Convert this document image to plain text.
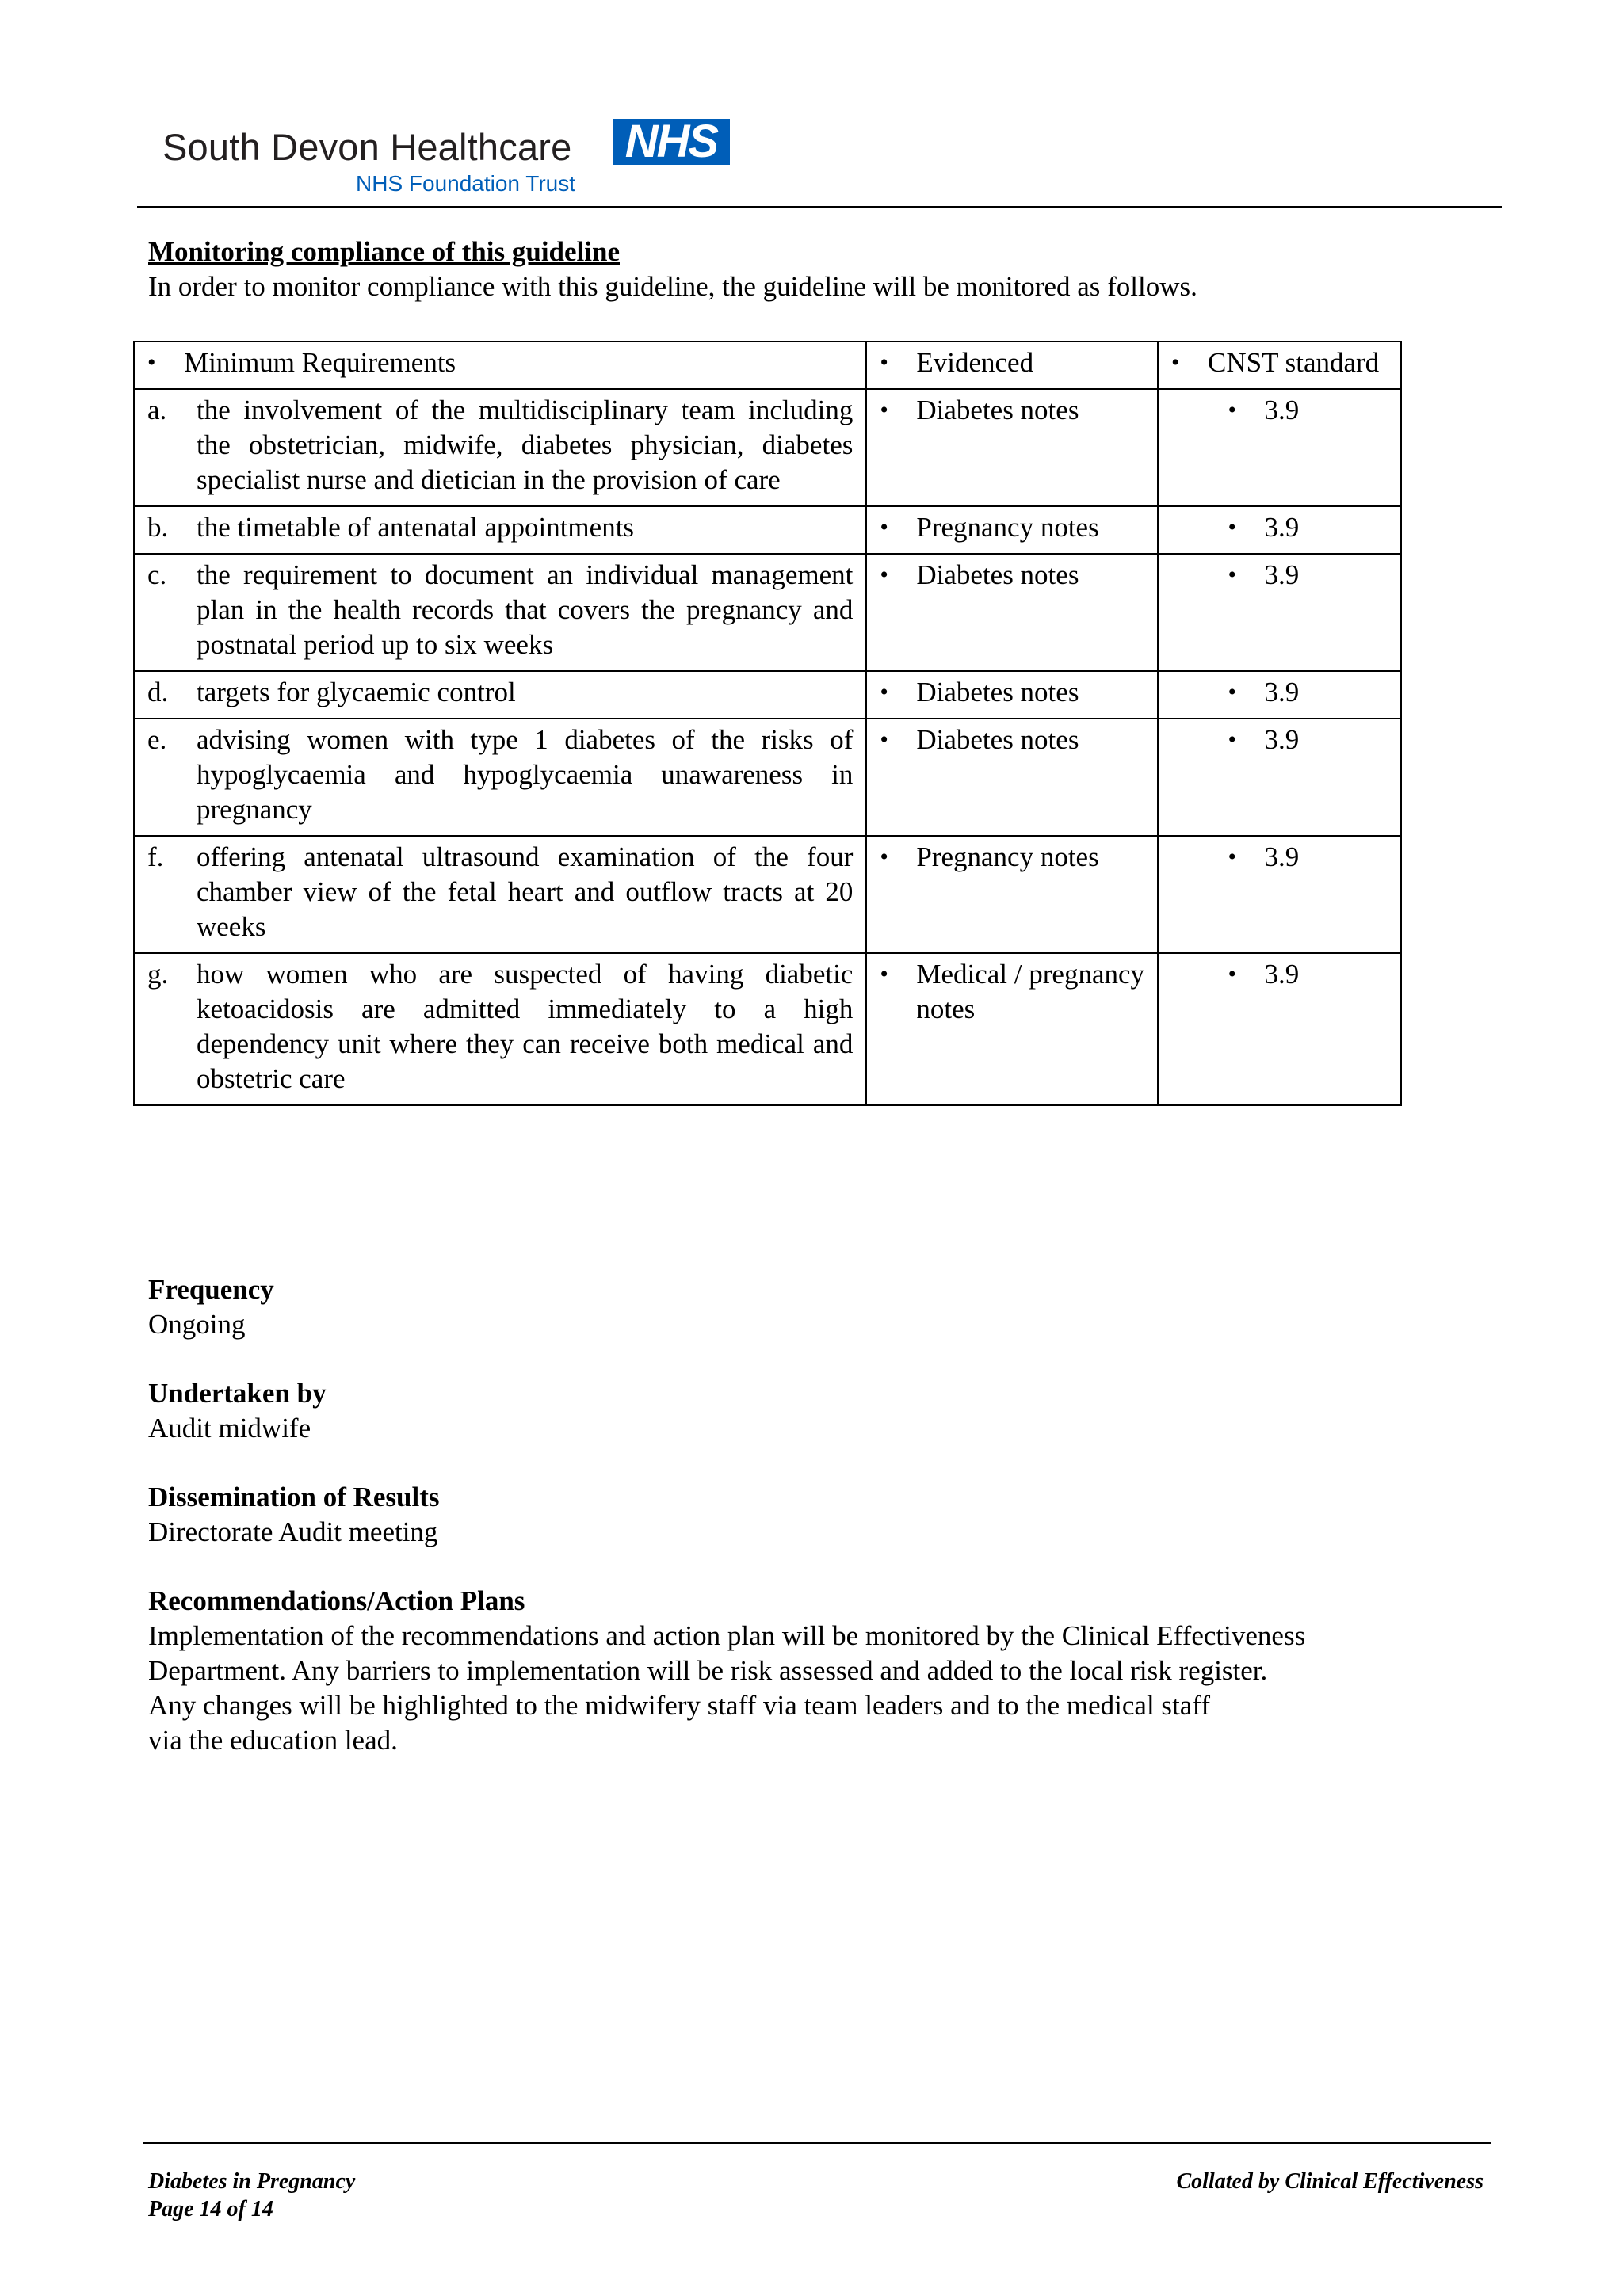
South Devon Healthcare NHS
NHS Foundation Trust
Monitoring compliance of this guideline

In order to monitor compliance with this guideline, the guideline will be monitored as follows.

• Minimum Requirements	• Evidenced	• CNST standard

a. the involvement of the multidisciplinary team including the obstetrician, midwife, diabetes physician, diabetes specialist nurse and dietician in the provision of care	• Diabetes notes	• 3.9

b. the timetable of antenatal appointments	• Pregnancy notes	• 3.9

c. the requirement to document an individual management plan in the health records that covers the pregnancy and postnatal period up to six weeks	• Diabetes notes	• 3.9

d. targets for glycaemic control	• Diabetes notes	• 3.9

e. advising women with type 1 diabetes of the risks of hypoglycaemia and hypoglycaemia unawareness in pregnancy	• Diabetes notes	• 3.9

f. offering antenatal ultrasound examination of the four chamber view of the fetal heart and outflow tracts at 20 weeks	• Pregnancy notes	• 3.9

g. how women who are suspected of having diabetic ketoacidosis are admitted immediately to a high dependency unit where they can receive both medical and obstetric care	• Medical / pregnancy notes	• 3.9
Frequency
Ongoing
Undertaken by
Audit midwife
Dissemination of Results
Directorate Audit meeting
Recommendations/Action Plans
Implementation of the recommendations and action plan will be monitored by the Clinical Effectiveness
Department. Any barriers to implementation will be risk assessed and added to the local risk register.
Any changes will be highlighted to the midwifery staff via team leaders and to the medical staff
via the education lead.
Diabetes in Pregnancy
Page 14 of 14
Collated by Clinical Effectiveness
